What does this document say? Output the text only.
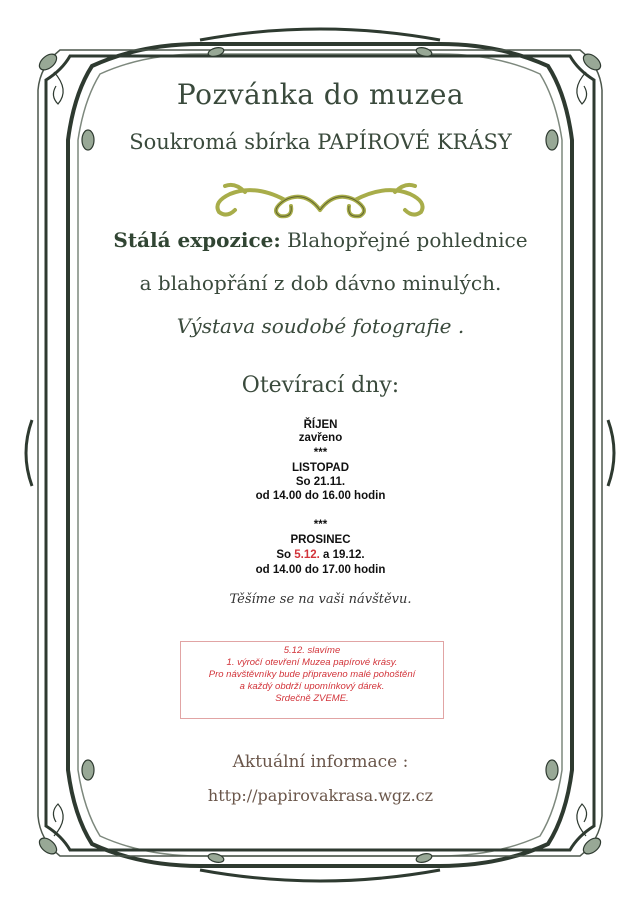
Pozvánka do muzea
Soukromá sbírka PAPÍROVÉ KRÁSY
Stálá expozice: Blahopřejné pohlednice
a blahopřání z dob dávno minulých.
Výstava soudobé fotografie .
Otevírací dny:
ŘÍJEN
zavřeno
***
LISTOPAD
So 21.11.
od 14.00 do 16.00 hodin
***
PROSINEC
So 5.12. a 19.12.
od 14.00 do 17.00 hodin
Těšíme se na vaši návštěvu.
5.12. slavíme
1. výročí otevření Muzea papírové krásy.
Pro návštěvníky bude připraveno malé pohoštění
a každý obdrží upomínkový dárek.
Srdečně ZVEME.
Aktuální informace :
http://papirovakrasa.wgz.cz
